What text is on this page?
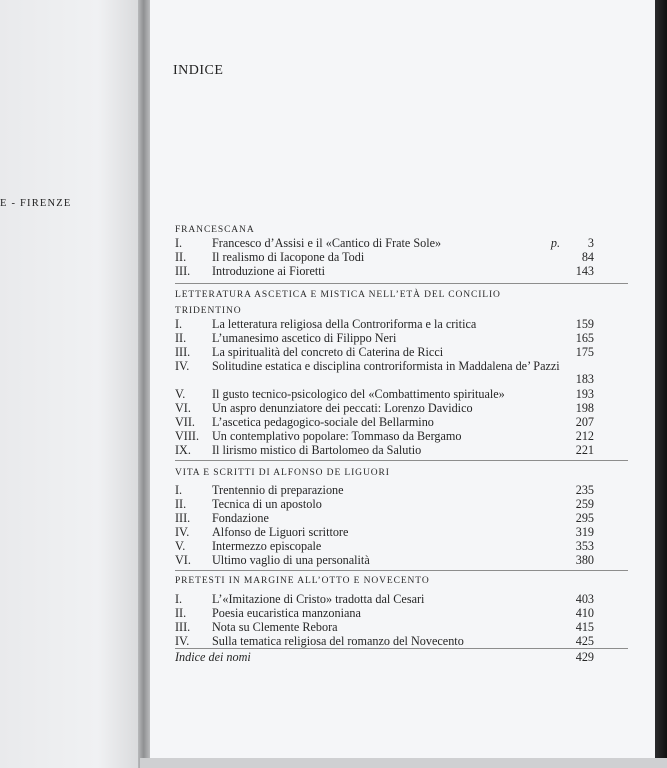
E - FIRENZE
INDICE
FRANCESCANA
I. Francesco d’Assisi e il «Cantico di Frate Sole»	p. 3
II. Il realismo di Iacopone da Todi	84
III. Introduzione ai Fioretti	143
LETTERATURA ASCETICA E MISTICA NELL’ETÀ DEL CONCILIO TRIDENTINO
I. La letteratura religiosa della Controriforma e la critica	159
II. L’umanesimo ascetico di Filippo Neri	165
III. La spiritualità del concreto di Caterina de Ricci	175
IV. Solitudine estatica e disciplina controriformista in Maddalena de’ Pazzi
183
V. Il gusto tecnico-psicologico del «Combattimento spirituale»	193
VI. Un aspro denunziatore dei peccati: Lorenzo Davidico	198
VII. L’ascetica pedagogico-sociale del Bellarmino	207
VIII. Un contemplativo popolare: Tommaso da Bergamo	212
IX. Il lirismo mistico di Bartolomeo da Salutio	221
VITA E SCRITTI DI ALFONSO DE LIGUORI
I. Trentennio di preparazione	235
II. Tecnica di un apostolo	259
III. Fondazione	295
IV. Alfonso de Liguori scrittore	319
V. Intermezzo episcopale	353
VI. Ultimo vaglio di una personalità	380
PRETESTI IN MARGINE ALL’OTTO E NOVECENTO
I. L’«Imitazione di Cristo» tradotta dal Cesari	403
II. Poesia eucaristica manzoniana	410
III. Nota su Clemente Rebora	415
IV. Sulla tematica religiosa del romanzo del Novecento	425
Indice dei nomi	429
